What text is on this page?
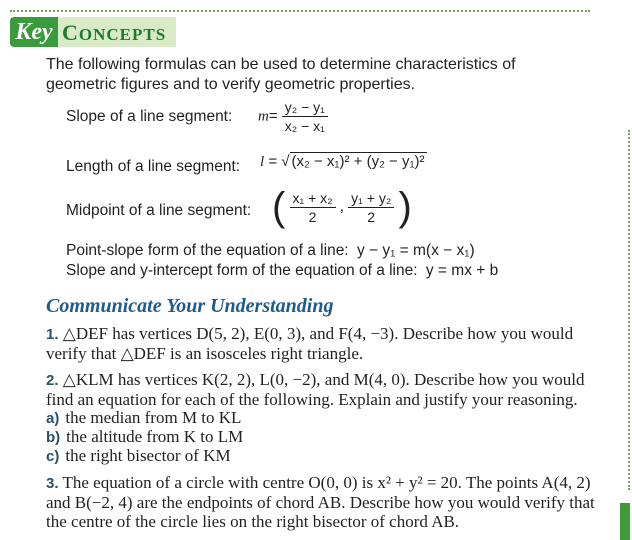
Key CONCEPTS

The following formulas can be used to determine characteristics of geometric figures and to verify geometric properties.

Slope of a line segment: $m= \frac{\text{y₂ − y₁}}{\text{x₂ − x₁}}$
Length of a line segment: l = √ (x₂ − x₁)² + (y₂ − y₁)²
Midpoint of a line segment: ( $\frac{\text{x₁ + x₂}}{2}$ , $\frac{\text{y₁ + y₂}}{2}$ )
Point-slope form of the equation of a line: y − y₁ = m(x − x₁)
Slope and y-intercept form of the equation of a line: y = mx + b
Communicate Your Understanding
1. △DEF has vertices D(5, 2), E(0, 3), and F(4, −3). Describe how you would verify that △DEF is an isosceles right triangle.
2. △KLM has vertices K(2, 2), L(0, −2), and M(4, 0). Describe how you would find an equation for each of the following. Explain and justify your reasoning.
a) the median from M to KL
b) the altitude from K to LM
c) the right bisector of KM
3. The equation of a circle with centre O(0, 0) is x² + y² = 20. The points A(4, 2) and B(−2, 4) are the endpoints of chord AB. Describe how you would verify that the centre of the circle lies on the right bisector of chord AB.
